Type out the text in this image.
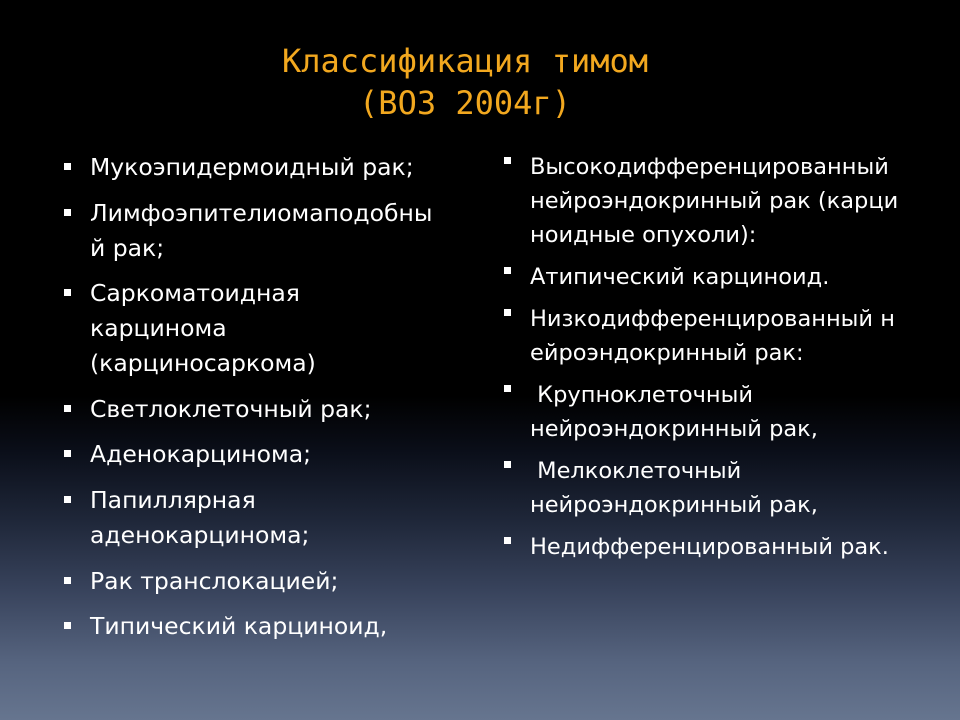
Классификация тимом
(ВОЗ 2004г)
Мукоэпидермоидный рак;
Лимфоэпителиомаподобный рак;
Саркоматоидная карцинома (карциносаркома)
Светлоклеточный рак;
Аденокарцинома;
Папиллярная аденокарцинома;
Рак транслокацией;
Типический карциноид,
Высокодифференцированный нейроэндокринный рак (карциноидные опухоли):
Атипический карциноид.
Низкодифференцированный нейроэндокринный рак:
Крупноклеточный нейроэндокринный рак,
Мелкоклеточный нейроэндокринный рак,
Недифференцированный рак.
